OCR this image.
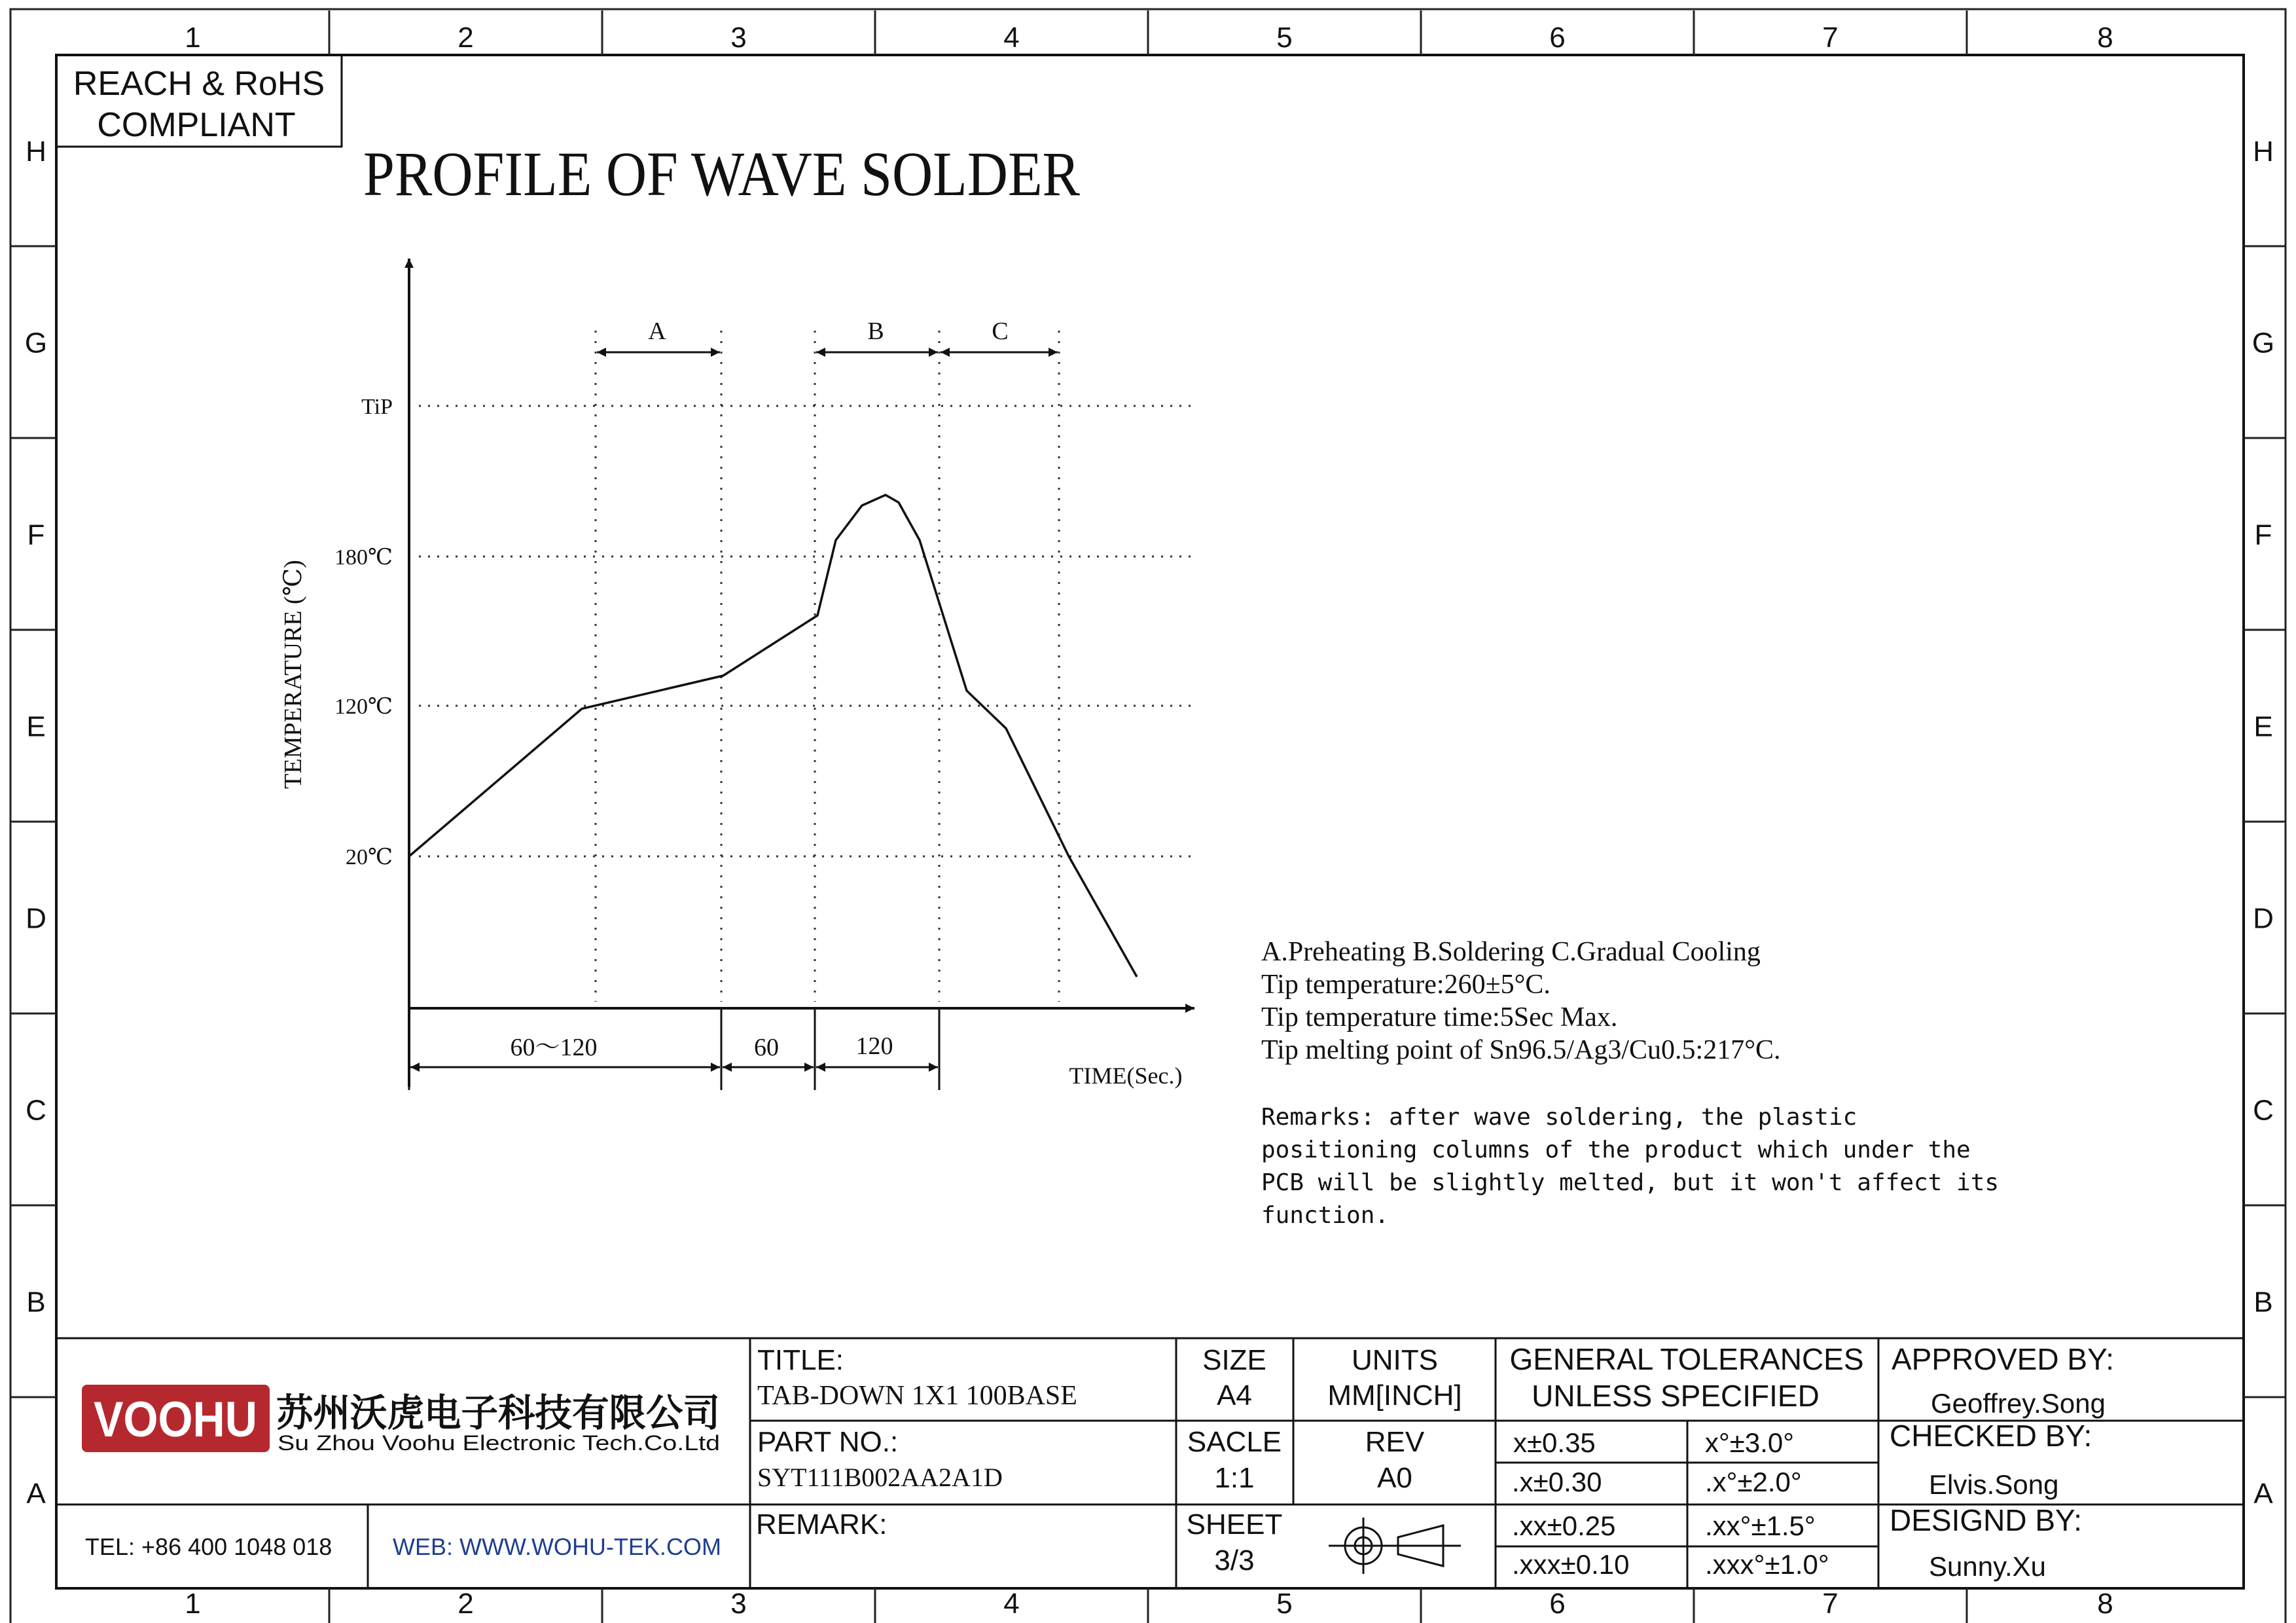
1
1
2
2
3
3
4
4
5
5
6
6
7
7
8
8
H	H
G	G
F	F
E	E
D	D
C	C
B	B
A	A
REACH & RoHS
COMPLIANT
PROFILE OF WAVE SOLDER
TiP
180℃
120℃
20℃
TEMPERATURE (℃)
TIME(Sec.)
A	B	C
60～120	60	120
A.Preheating B.Soldering C.Gradual Cooling
Tip temperature:260±5°C.
Tip temperature time:5Sec Max.
Tip melting point of Sn96.5/Ag3/Cu0.5:217°C.
Remarks: after wave soldering, the plastic
positioning columns of the product which under the
PCB will be slightly melted, but it won't affect its
function.
VOOHU 苏州沃虎电子科技有限公司
Su Zhou Voohu Electronic Tech.Co.Ltd
TEL: +86 400 1048 018	WEB: WWW.WOHU-TEK.COM
TITLE:
TAB-DOWN 1X1 100BASE
PART NO.:
SYT111B002AA2A1D
REMARK:
SIZE
A4
UNITS
MM[INCH]
SACLE
1:1
REV
A0
SHEET
3/3
GENERAL TOLERANCES
UNLESS SPECIFIED
x±0.35	x°±3.0°
.x±0.30	.x°±2.0°
.xx±0.25	.xx°±1.5°
.xxx±0.10	.xxx°±1.0°
APPROVED BY:
Geoffrey.Song
CHECKED BY:
Elvis.Song
DESIGND BY:
Sunny.Xu
